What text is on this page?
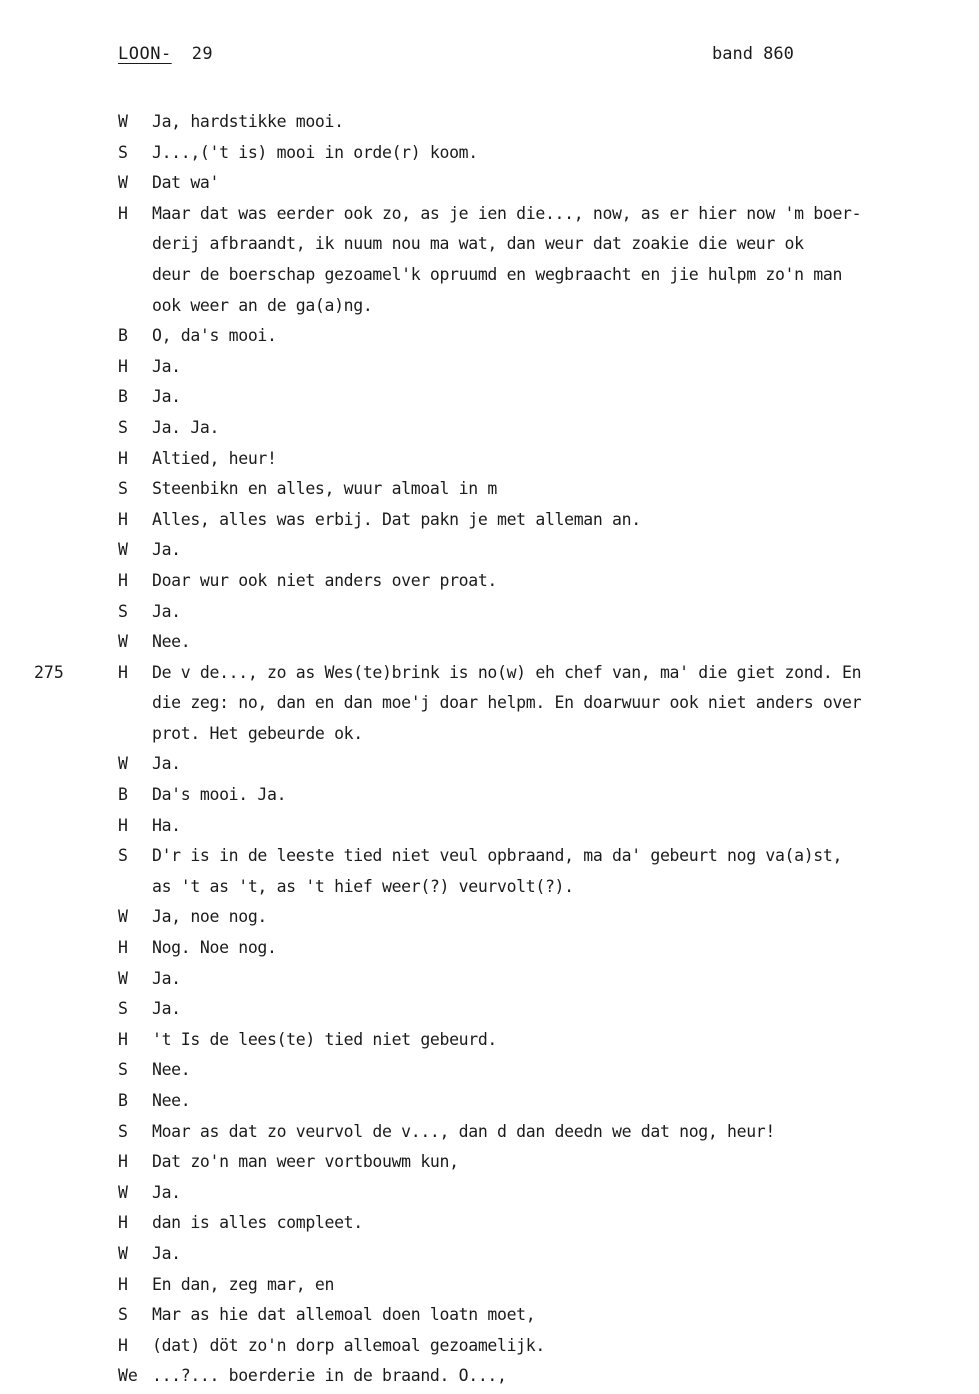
LOON- 29	band 860
W Ja, hardstikke mooi.
S J...,('t is) mooi in orde(r) koom.
W Dat wa'
H Maar dat was eerder ook zo, as je ien die..., now, as er hier now 'm boer-
derij afbraandt, ik nuum nou ma wat, dan weur dat zoakie die weur ok
deur de boerschap gezoamel'k opruumd en wegbraacht en jie hulpm zo'n man
ook weer an de ga(a)ng.
B O, da's mooi.
H Ja.
B Ja.
S Ja. Ja.
H Altied, heur!
S Steenbikn en alles, wuur almoal in m
H Alles, alles was erbij. Dat pakn je met alleman an.
W Ja.
H Doar wur ook niet anders over proat.
S Ja.
W Nee.
275	H De v de..., zo as Wes(te)brink is no(w) eh chef van, ma' die giet zond. En
die zeg: no, dan en dan moe'j doar helpm. En doarwuur ook niet anders over
prot. Het gebeurde ok.
W Ja.
B Da's mooi. Ja.
H Ha.
S D'r is in de leeste tied niet veul opbraand, ma da' gebeurt nog va(a)st,
as 't as 't, as 't hief weer(?) veurvolt(?).
W Ja, noe nog.
H Nog. Noe nog.
W Ja.
S Ja.
H 't Is de lees(te) tied niet gebeurd.
S Nee.
B Nee.
S Moar as dat zo veurvol de v..., dan d dan deedn we dat nog, heur!
H Dat zo'n man weer vortbouwm kun,
W Ja.
H dan is alles compleet.
W Ja.
H En dan, zeg mar, en
S Mar as hie dat allemoal doen loatn moet,
H (dat) döt zo'n dorp allemoal gezoamelijk.
We ...?... boerderie in de braand. O...,
